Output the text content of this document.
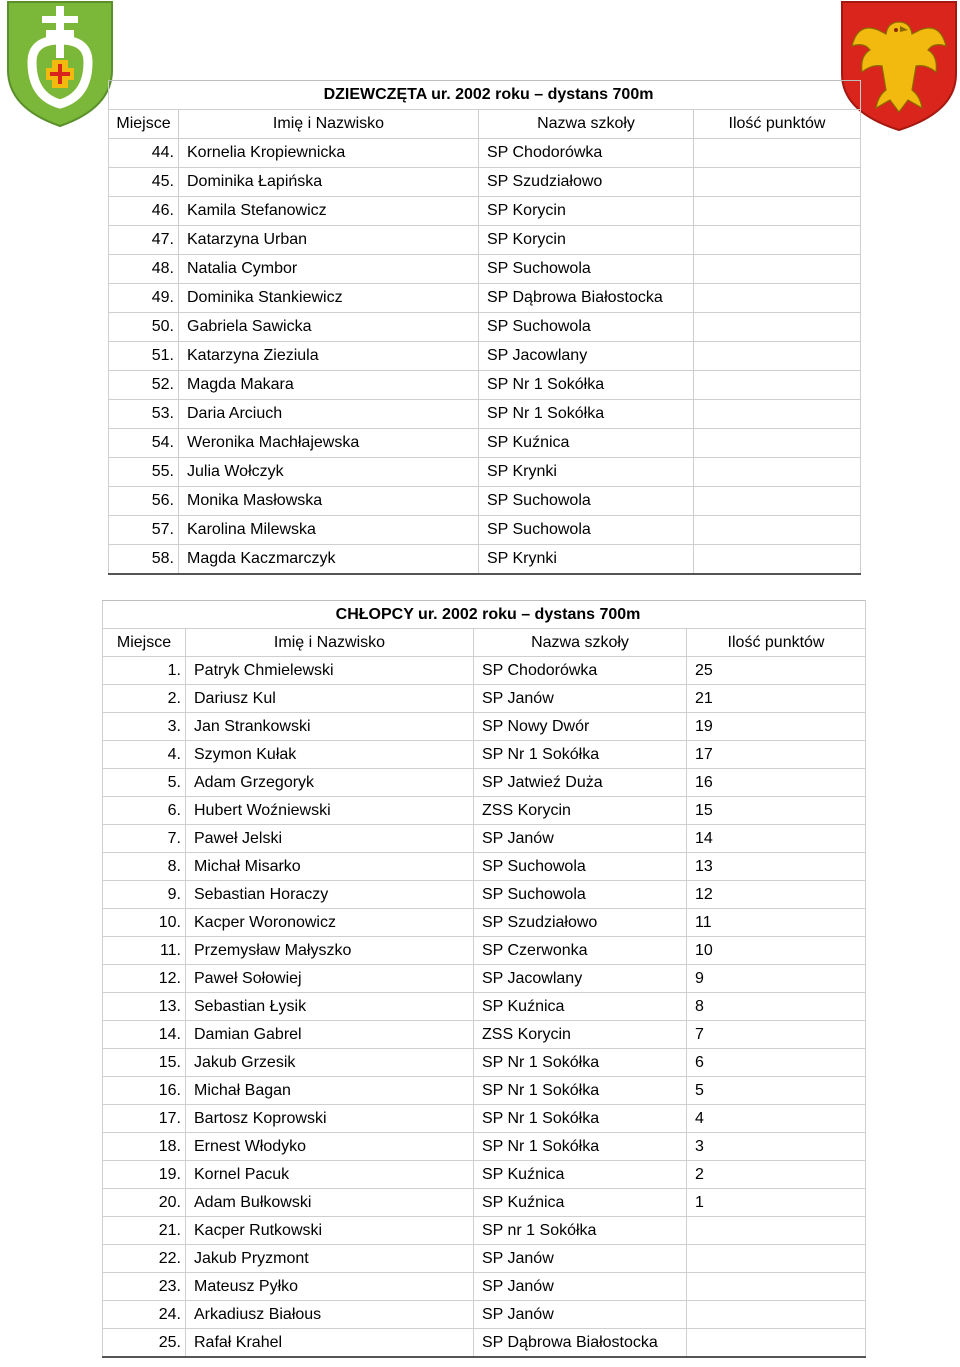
DZIEWCZĘTA ur. 2002 roku – dystans 700m			
Miejsce	Imię i Nazwisko	Nazwa szkoły	Ilość punktów
44.	Kornelia Kropiewnicka	SP Chodorówka	
45.	Dominika Łapińska	SP Szudziałowo	
46.	Kamila Stefanowicz	SP Korycin	
47.	Katarzyna Urban	SP Korycin	
48.	Natalia Cymbor	SP Suchowola	
49.	Dominika Stankiewicz	SP Dąbrowa Białostocka	
50.	Gabriela Sawicka	SP Suchowola	
51.	Katarzyna Zieziula	SP Jacowlany	
52.	Magda Makara	SP Nr 1 Sokółka	
53.	Daria Arciuch	SP Nr 1 Sokółka	
54.	Weronika Machłajewska	SP Kuźnica	
55.	Julia Wołczyk	SP Krynki	
56.	Monika Masłowska	SP Suchowola	
57.	Karolina Milewska	SP Suchowola	
58.	Magda Kaczmarczyk	SP Krynki	
CHŁOPCY ur. 2002 roku – dystans 700m			
Miejsce	Imię i Nazwisko	Nazwa szkoły	Ilość punktów
1.	Patryk Chmielewski	SP Chodorówka	25
2.	Dariusz Kul	SP Janów	21
3.	Jan Strankowski	SP Nowy Dwór	19
4.	Szymon Kułak	SP Nr 1 Sokółka	17
5.	Adam Grzegoryk	SP Jatwieź Duża	16
6.	Hubert Woźniewski	ZSS Korycin	15
7.	Paweł Jelski	SP Janów	14
8.	Michał Misarko	SP Suchowola	13
9.	Sebastian Horaczy	SP Suchowola	12
10.	Kacper Woronowicz	SP Szudziałowo	11
11.	Przemysław Małyszko	SP Czerwonka	10
12.	Paweł Sołowiej	SP Jacowlany	9
13.	Sebastian Łysik	SP Kuźnica	8
14.	Damian Gabrel	ZSS Korycin	7
15.	Jakub Grzesik	SP Nr 1 Sokółka	6
16.	Michał Bagan	SP Nr 1 Sokółka	5
17.	Bartosz Koprowski	SP Nr 1 Sokółka	4
18.	Ernest Włodyko	SP Nr 1 Sokółka	3
19.	Kornel Pacuk	SP Kuźnica	2
20.	Adam Bułkowski	SP Kuźnica	1
21.	Kacper Rutkowski	SP nr 1 Sokółka	
22.	Jakub Pryzmont	SP Janów	
23.	Mateusz Pyłko	SP Janów	
24.	Arkadiusz Białous	SP Janów	
25.	Rafał Krahel	SP Dąbrowa Białostocka	
